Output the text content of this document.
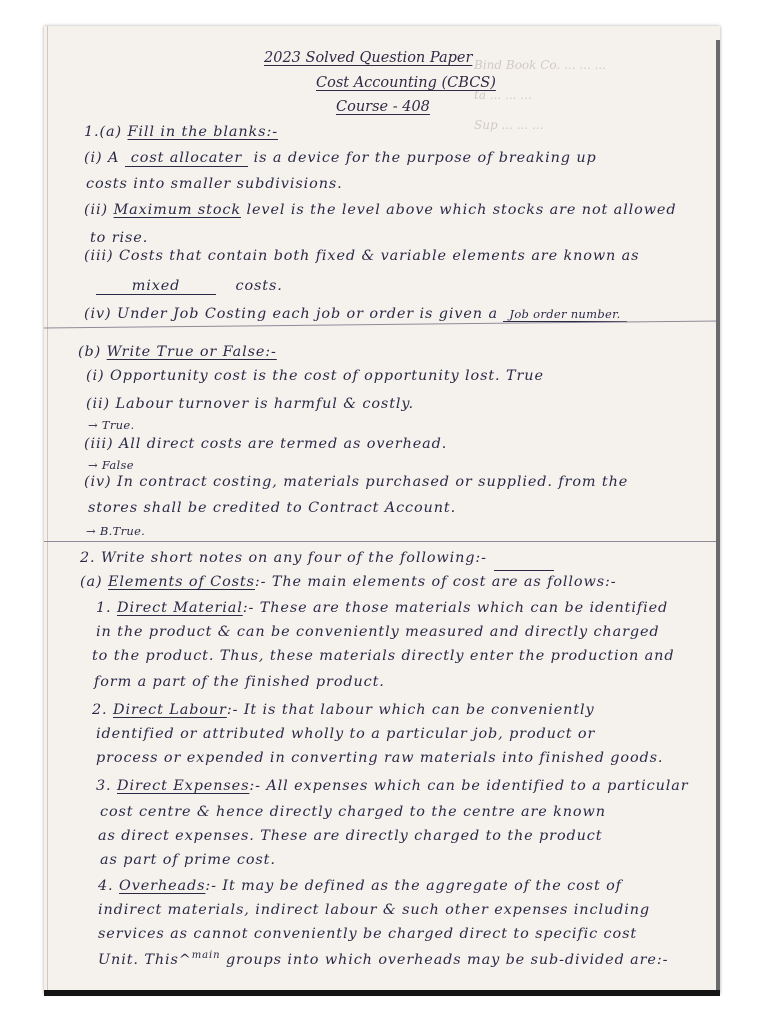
Bind Book Co. ... ... ...
ta ... ... ...
Sup ... ... ...
2023 Solved Question Paper
Cost Accounting (CBCS)
Course - 408
1.(a) Fill in the blanks:-
(i) A cost allocater is a device for the purpose of breaking up
costs into smaller subdivisions.
(ii) Maximum stock level is the level above which stocks are not allowed
to rise.
(iii) Costs that contain both fixed & variable elements are known as
mixed	costs.
(iv) Under Job Costing each job or order is given a Job order number.
(b) Write True or False:-
(i) Opportunity cost is the cost of opportunity lost. True
(ii) Labour turnover is harmful & costly.
→ True.
(iii) All direct costs are termed as overhead.
→ False
(iv) In contract costing, materials purchased or supplied. from the
stores shall be credited to Contract Account.
→ B.True.
2. Write short notes on any four of the following:-
(a) Elements of Costs:- The main elements of cost are as follows:-
1. Direct Material:- These are those materials which can be identified
in the product & can be conveniently measured and directly charged
to the product. Thus, these materials directly enter the production and
form a part of the finished product.
2. Direct Labour:- It is that labour which can be conveniently
identified or attributed wholly to a particular job, product or
process or expended in converting raw materials into finished goods.
3. Direct Expenses:- All expenses which can be identified to a particular
cost centre & hence directly charged to the centre are known
as direct expenses. These are directly charged to the product
as part of prime cost.
4. Overheads:- It may be defined as the aggregate of the cost of
indirect materials, indirect labour & such other expenses including
services as cannot conveniently be charged direct to specific cost
Unit. This^$^{main}$ groups into which overheads may be sub-divided are:-
